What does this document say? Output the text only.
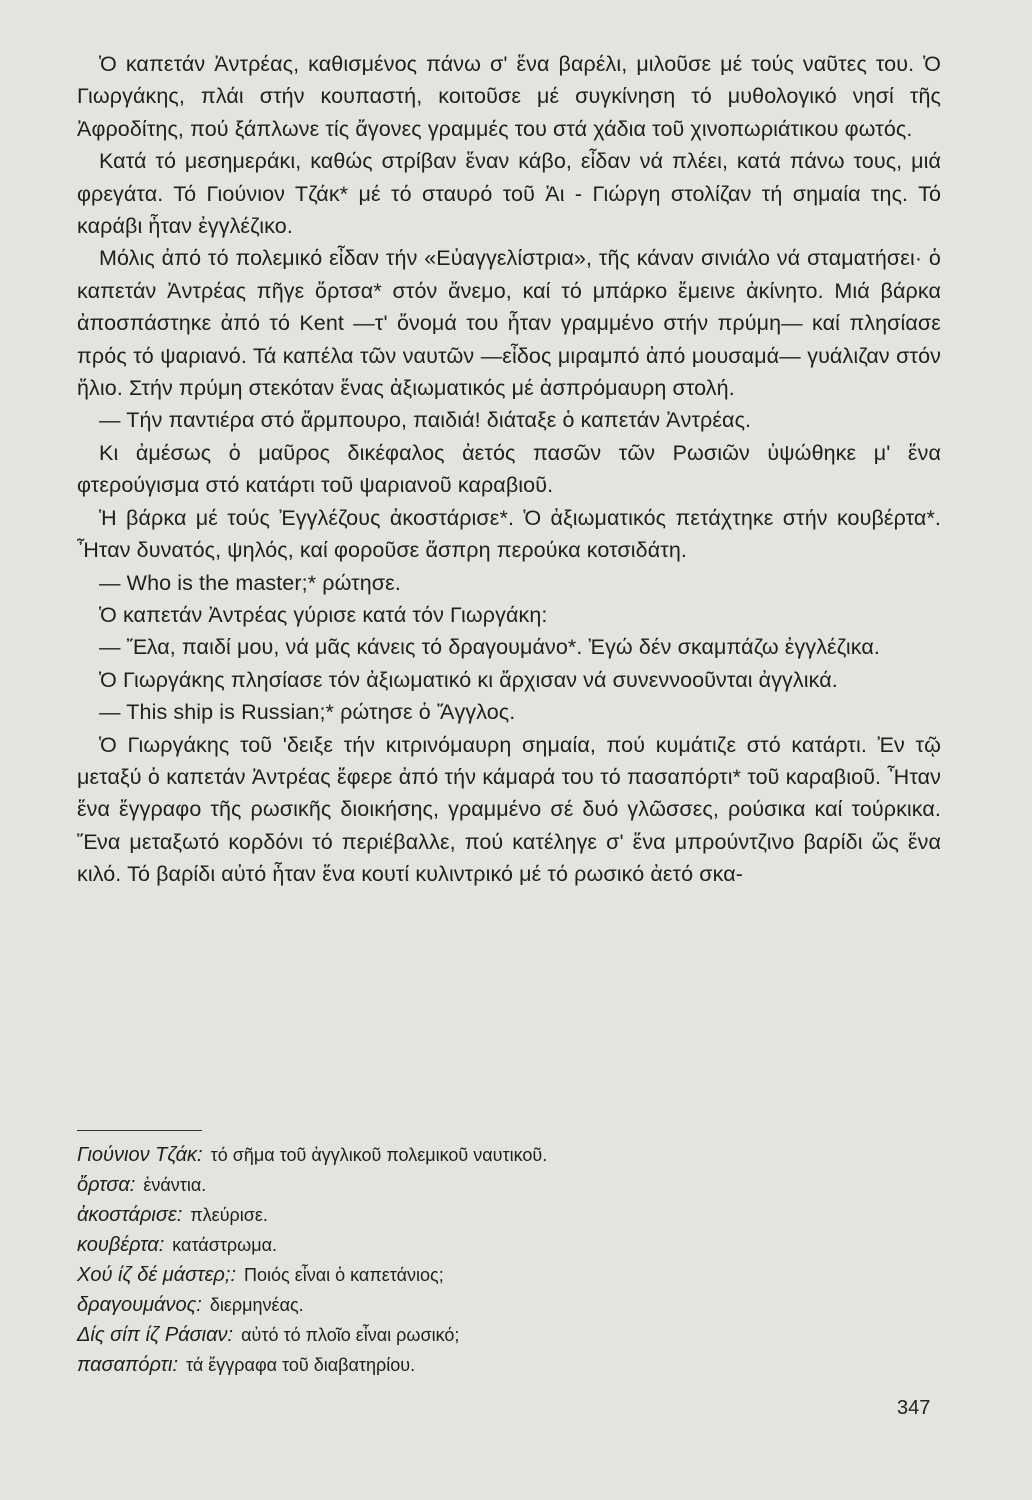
Ὁ καπετάν Ἀντρέας, καθισμένος πάνω σ' ἕνα βαρέλι, μιλοῦσε μέ τούς ναῦτες του. Ὁ Γιωργάκης, πλάι στήν κουπαστή, κοιτοῦσε μέ συγκίνηση τό μυθολογικό νησί τῆς Ἀφροδίτης, πού ξάπλωνε τίς ἄγονες γραμμές του στά χάδια τοῦ χινοπωριάτικου φωτός.

Κατά τό μεσημεράκι, καθώς στρίβαν ἕναν κάβο, εἶδαν νά πλέει, κατά πάνω τους, μιά φρεγάτα. Τό Γιούνιον Τζάκ* μέ τό σταυρό τοῦ Ἁι - Γιώργη στολίζαν τή σημαία της. Τό καράβι ἦταν ἐγγλέζικο.

Μόλις ἀπό τό πολεμικό εἶδαν τήν «Εὐαγγελίστρια», τῆς κάναν σινιάλο νά σταματήσει· ὁ καπετάν Ἀντρέας πῆγε ὄρτσα* στόν ἄνεμο, καί τό μπάρκο ἔμεινε ἀκίνητο. Μιά βάρκα ἀποσπάστηκε ἀπό τό Kent —τ' ὄνομά του ἦταν γραμμένο στήν πρύμη— καί πλησίασε πρός τό ψαριανό. Τά καπέλα τῶν ναυτῶν —εἶδος μιραμπό ἀπό μουσαμά— γυάλιζαν στόν ἥλιο. Στήν πρύμη στεκόταν ἕνας ἀξιωματικός μέ ἀσπρόμαυρη στολή.

— Τήν παντιέρα στό ἄρμπουρο, παιδιά! διάταξε ὁ καπετάν Ἀντρέας.

Κι ἀμέσως ὁ μαῦρος δικέφαλος ἀετός πασῶν τῶν Ρωσιῶν ὑψώθηκε μ' ἕνα φτερούγισμα στό κατάρτι τοῦ ψαριανοῦ καραβιοῦ.

Ἡ βάρκα μέ τούς Ἐγγλέζους ἀκοστάρισε*. Ὁ ἀξιωματικός πετάχτηκε στήν κουβέρτα*. Ἦταν δυνατός, ψηλός, καί φοροῦσε ἄσπρη περούκα κοτσιδάτη.

— Who is the master;* ρώτησε.

Ὁ καπετάν Ἀντρέας γύρισε κατά τόν Γιωργάκη:

— Ἔλα, παιδί μου, νά μᾶς κάνεις τό δραγουμάνο*. Ἐγώ δέν σκαμπάζω ἐγγλέζικα.

Ὁ Γιωργάκης πλησίασε τόν ἀξιωματικό κι ἄρχισαν νά συνεννοοῦνται ἀγγλικά.

— This ship is Russian;* ρώτησε ὁ Ἄγγλος.

Ὁ Γιωργάκης τοῦ 'δειξε τήν κιτρινόμαυρη σημαία, πού κυμάτιζε στό κατάρτι. Ἐν τῷ μεταξύ ὁ καπετάν Ἀντρέας ἔφερε ἀπό τήν κάμαρά του τό πασαπόρτι* τοῦ καραβιοῦ. Ἦταν ἕνα ἔγγραφο τῆς ρωσικῆς διοικήσης, γραμμένο σέ δυό γλῶσσες, ρούσικα καί τούρκικα. Ἕνα μεταξωτό κορδόνι τό περιέβαλλε, πού κατέληγε σ' ἕνα μπρούντζινο βαρίδι ὥς ἕνα κιλό. Τό βαρίδι αὐτό ἦταν ἕνα κουτί κυλιντρικό μέ τό ρωσικό ἀετό σκα-

Γιούνιον Τζάκ: τό σῆμα τοῦ ἀγγλικοῦ πολεμικοῦ ναυτικοῦ.
ὄρτσα: ἐνάντια.
ἀκοστάρισε: πλεύρισε.
κουβέρτα: κατάστρωμα.
Χού ίζ δέ μάστερ;: Ποιός εἶναι ὁ καπετάνιος;
δραγουμάνος: διερμηνέας.
Δίς σίπ ίζ Ράσιαν: αὐτό τό πλοῖο εἶναι ρωσικό;
πασαπόρτι: τά ἔγγραφα τοῦ διαβατηρίου.
347
